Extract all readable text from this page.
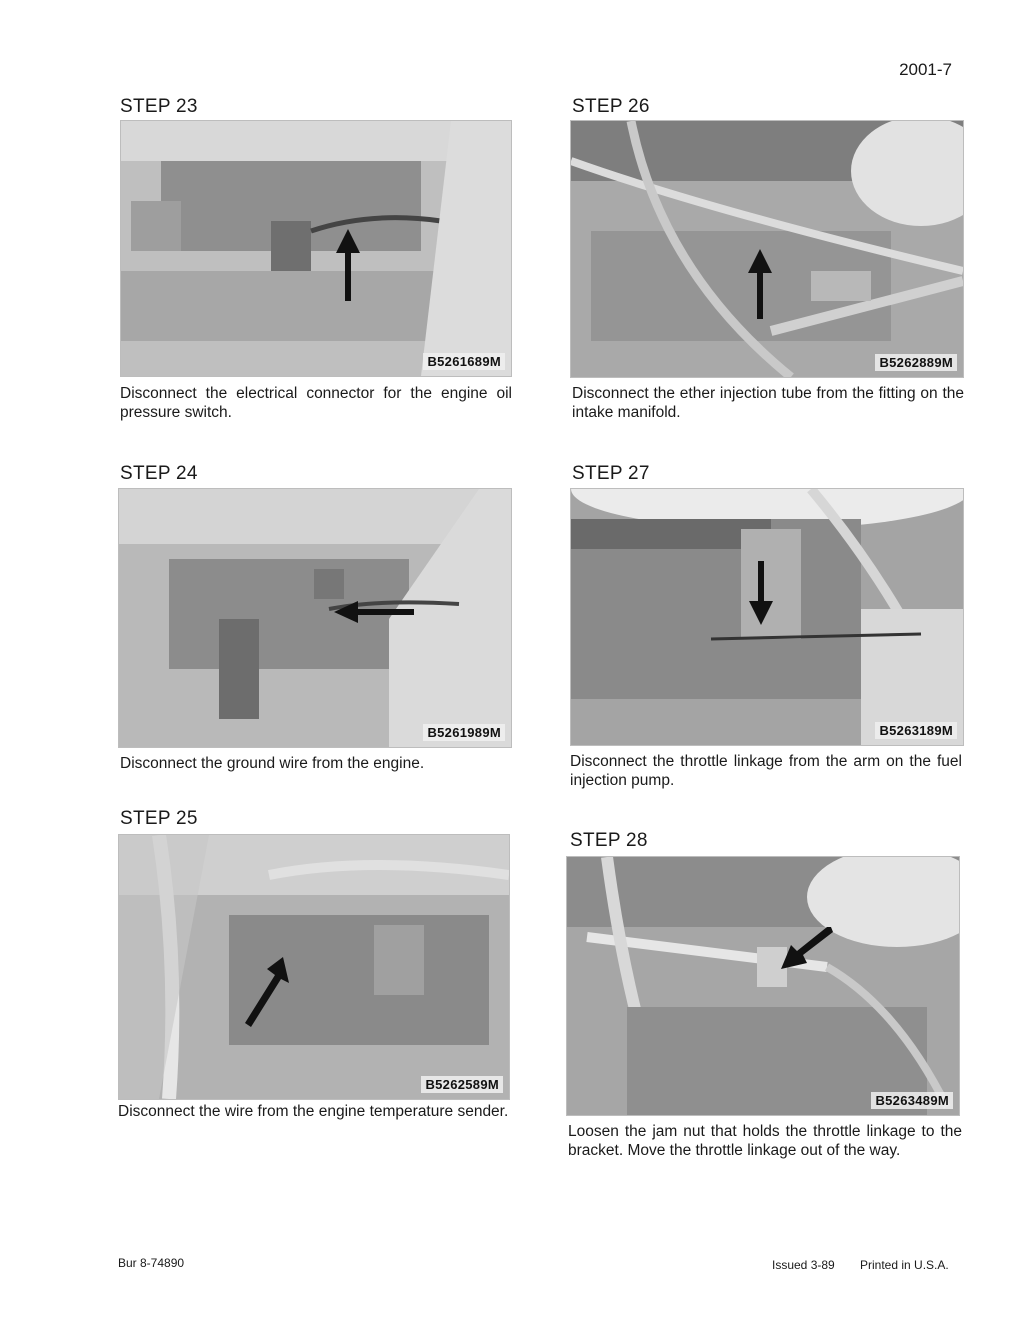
2001-7
STEP 23
B5261689M
Disconnect the electrical connector for the engine oil pressure switch.
STEP 24
B5261989M
Disconnect the ground wire from the engine.
STEP 25
B5262589M
Disconnect the wire from the engine temperature sender.
STEP 26
B5262889M
Disconnect the ether injection tube from the fitting on the intake manifold.
STEP 27
B5263189M
Disconnect the throttle linkage from the arm on the fuel injection pump.
STEP 28
B5263489M
Loosen the jam nut that holds the throttle linkage to the bracket. Move the throttle linkage out of the way.
Bur 8-74890	Issued 3-89 Printed in U.S.A.
